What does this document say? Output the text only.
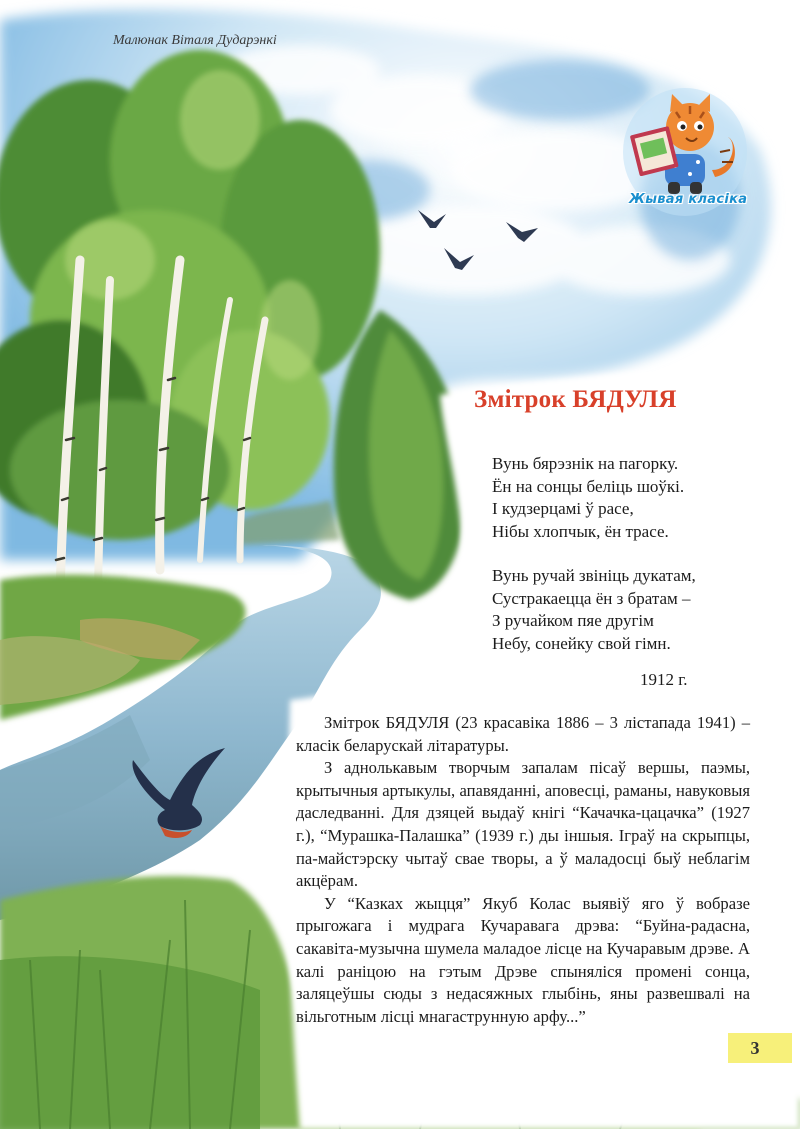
Малюнак Віталя Дударэнкі
Жывая класіка
Змітрок БЯДУЛЯ
Вунь бярэзнік на пагорку.
Ён на сонцы беліць шоўкі.
І кудзерцамі ў расе,
Нібы хлопчык, ён трасе.
Вунь ручай звініць дукатам,
Сустракаецца ён з братам –
З ручайком пяе другім
Небу, сонейку свой гімн.
1912 г.

Змітрок БЯДУЛЯ (23 красавіка 1886 – 3 лістапада 1941) – класік беларускай літаратуры.

З аднолькавым творчым запалам пісаў вершы, паэмы, крытычныя артыкулы, апавяданні, аповесці, раманы, навуковыя даследванні. Для дзяцей выдаў кнігі “Качачка-цацачка” (1927 г.), “Мурашка-Палашка” (1939 г.) ды іншыя. Іграў на скрыпцы, па-майстэрску чытаў свае творы, а ў маладосці быў неблагім акцёрам.

У “Казках жыцця” Якуб Колас выявіў яго ў вобразе прыгожага і мудрага Кучаравага дрэва: “Буйна-радасна, сакавіта-музычна шумела маладое лісце на Кучаравым дрэве. А калі раніцою на гэтым Дрэве спыняліся промені сонца, заляцеўшы сюды з недасяжных глыбінь, яны развешвалі на вільготным лісці мнагаструнную арфу...”

3
